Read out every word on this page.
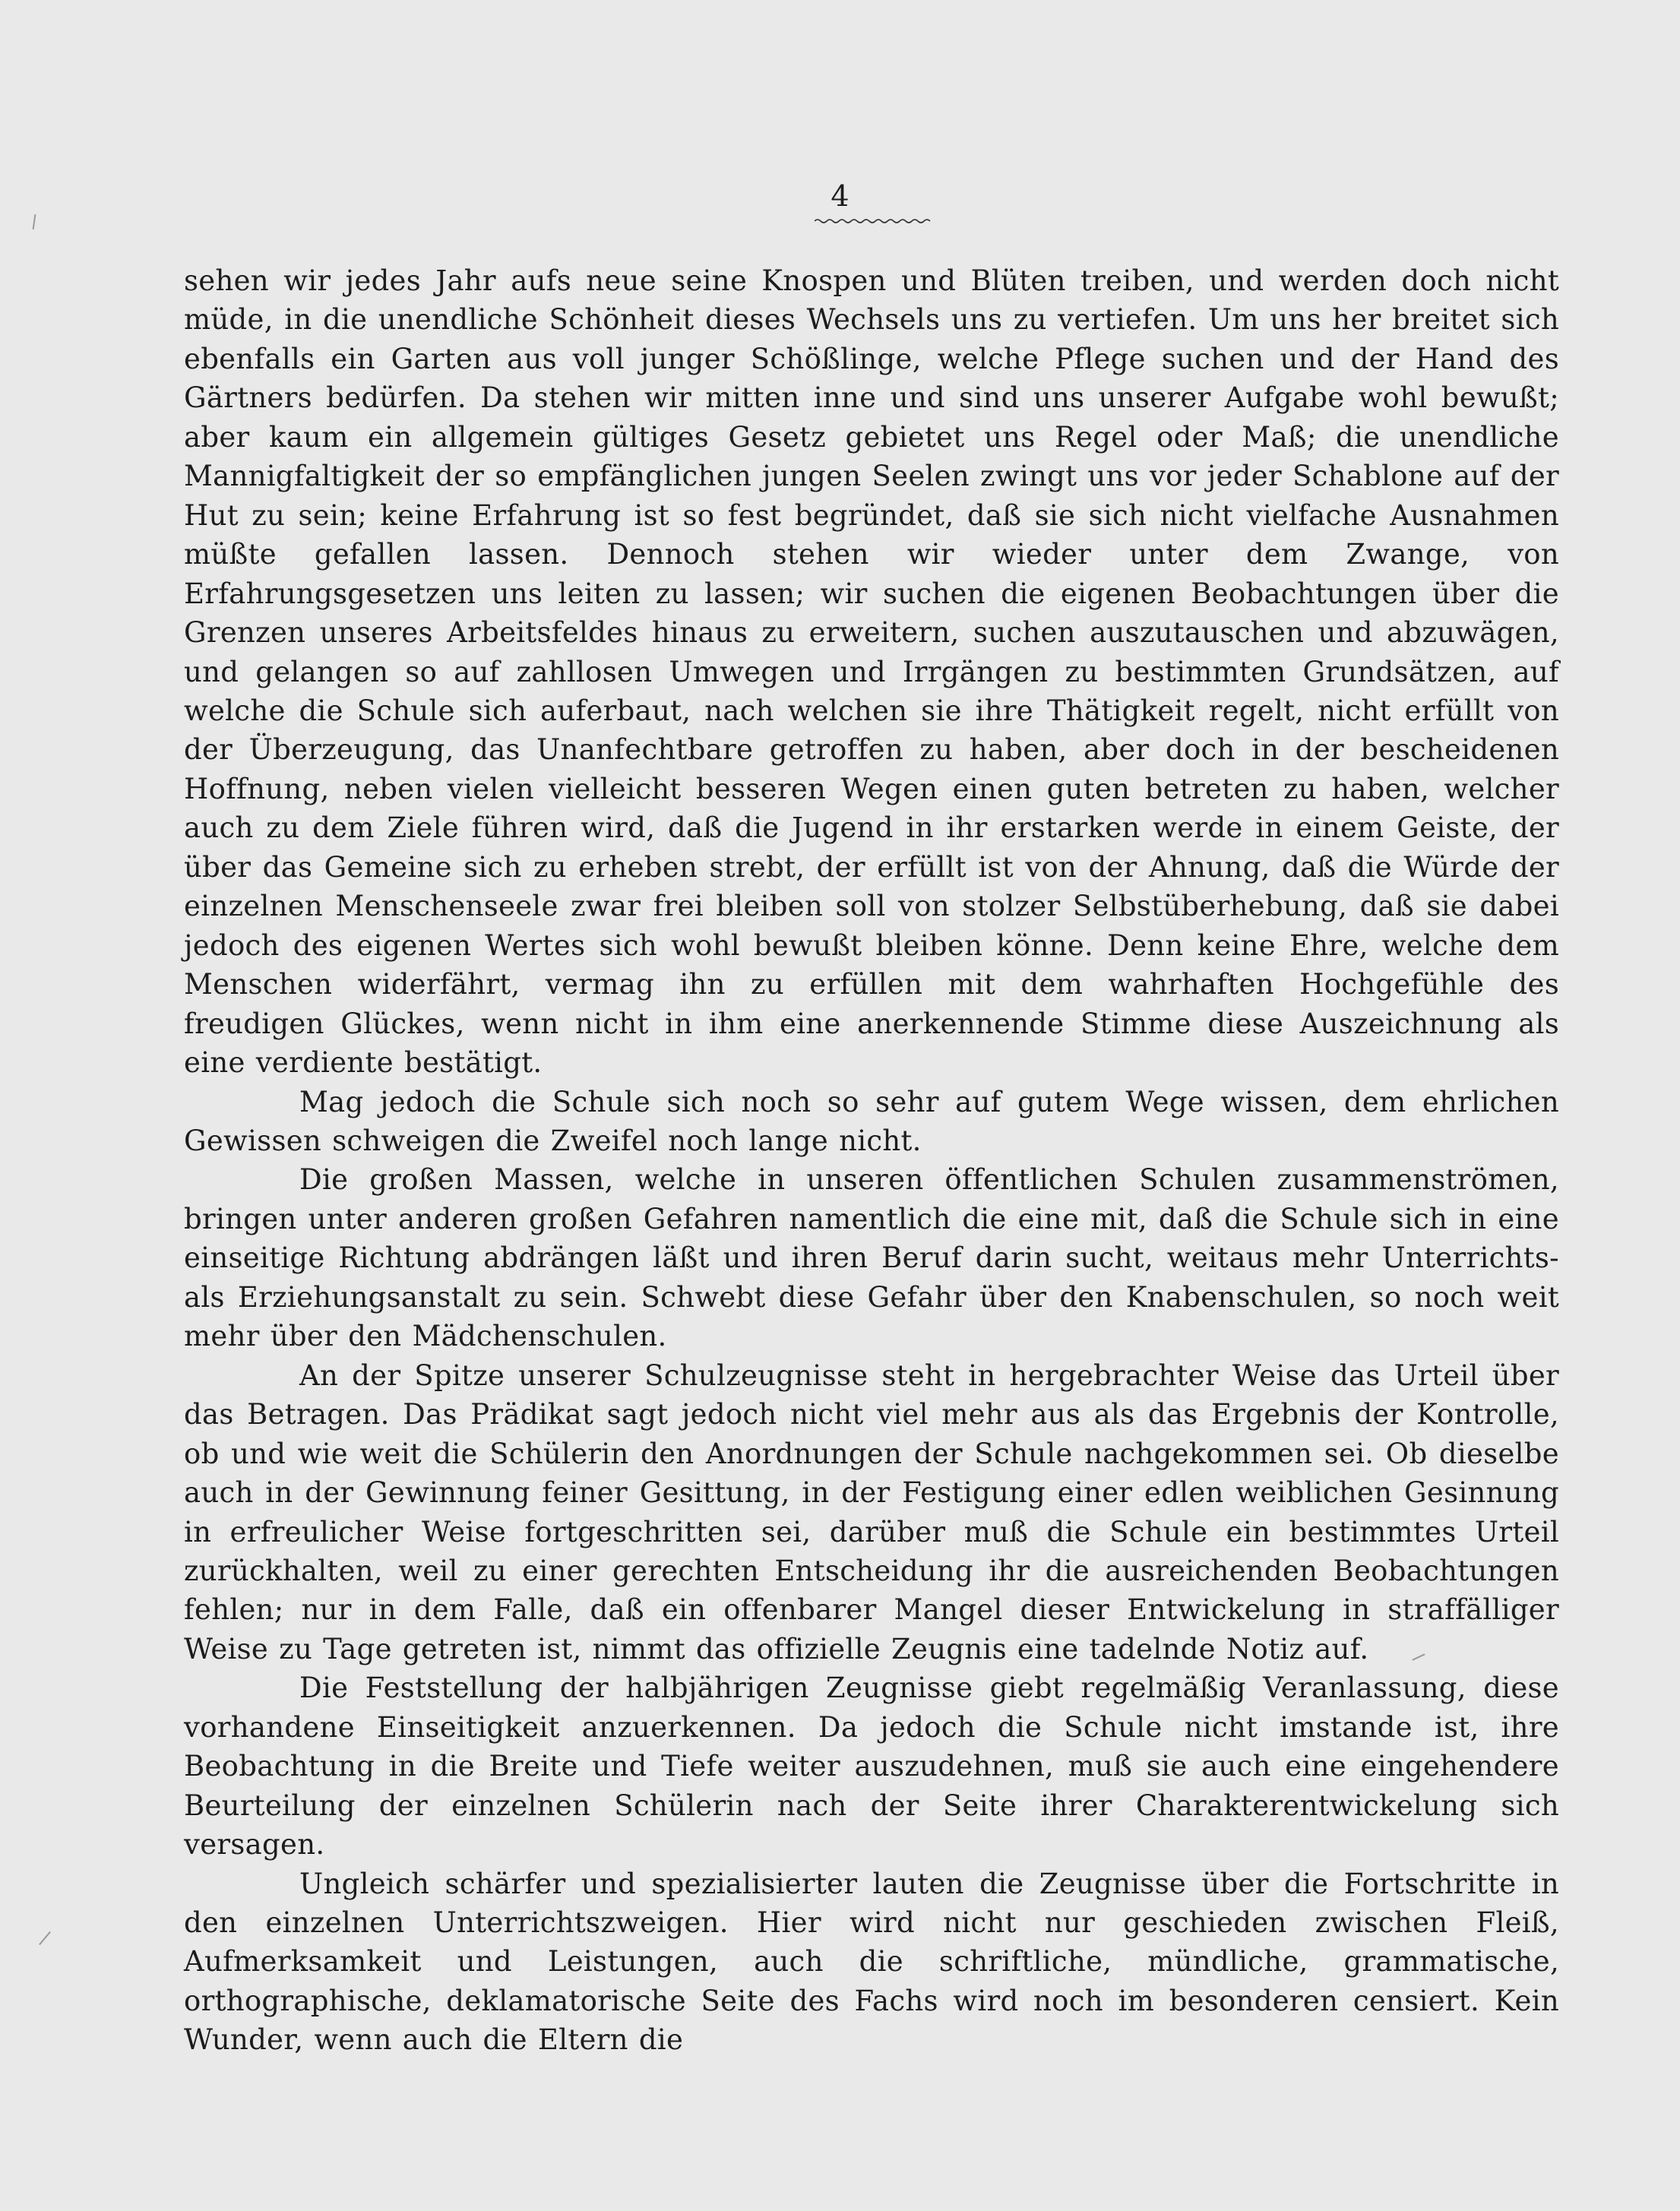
4

sehen wir jedes Jahr aufs neue seine Knospen und Blüten treiben, und werden doch nicht müde, in die unendliche Schönheit dieses Wechsels uns zu vertiefen. Um uns her breitet sich ebenfalls ein Garten aus voll junger Schößlinge, welche Pflege suchen und der Hand des Gärtners bedürfen. Da stehen wir mitten inne und sind uns unserer Aufgabe wohl bewußt; aber kaum ein allgemein gültiges Gesetz gebietet uns Regel oder Maß; die unendliche Mannigfaltigkeit der so empfänglichen jungen Seelen zwingt uns vor jeder Schablone auf der Hut zu sein; keine Erfahrung ist so fest begründet, daß sie sich nicht vielfache Ausnahmen müßte gefallen lassen. Dennoch stehen wir wieder unter dem Zwange, von Erfahrungsgesetzen uns leiten zu lassen; wir suchen die eigenen Beobachtungen über die Grenzen unseres Arbeitsfeldes hinaus zu erweitern, suchen auszutauschen und abzuwägen, und gelangen so auf zahllosen Umwegen und Irrgängen zu bestimmten Grundsätzen, auf welche die Schule sich auferbaut, nach welchen sie ihre Thätigkeit regelt, nicht erfüllt von der Überzeugung, das Unanfechtbare getroffen zu haben, aber doch in der bescheidenen Hoffnung, neben vielen vielleicht besseren Wegen einen guten betreten zu haben, welcher auch zu dem Ziele führen wird, daß die Jugend in ihr erstarken werde in einem Geiste, der über das Gemeine sich zu erheben strebt, der erfüllt ist von der Ahnung, daß die Würde der einzelnen Menschenseele zwar frei bleiben soll von stolzer Selbstüberhebung, daß sie dabei jedoch des eigenen Wertes sich wohl bewußt bleiben könne. Denn keine Ehre, welche dem Menschen widerfährt, vermag ihn zu erfüllen mit dem wahrhaften Hochgefühle des freudigen Glückes, wenn nicht in ihm eine anerkennende Stimme diese Auszeichnung als eine verdiente bestätigt.

Mag jedoch die Schule sich noch so sehr auf gutem Wege wissen, dem ehrlichen Gewissen schweigen die Zweifel noch lange nicht.

Die großen Massen, welche in unseren öffentlichen Schulen zusammenströmen, bringen unter anderen großen Gefahren namentlich die eine mit, daß die Schule sich in eine einseitige Richtung abdrängen läßt und ihren Beruf darin sucht, weitaus mehr Unterrichts- als Erziehungsanstalt zu sein. Schwebt diese Gefahr über den Knabenschulen, so noch weit mehr über den Mädchenschulen.

An der Spitze unserer Schulzeugnisse steht in hergebrachter Weise das Urteil über das Betragen. Das Prädikat sagt jedoch nicht viel mehr aus als das Ergebnis der Kontrolle, ob und wie weit die Schülerin den Anordnungen der Schule nachgekommen sei. Ob dieselbe auch in der Gewinnung feiner Gesittung, in der Festigung einer edlen weiblichen Gesinnung in erfreulicher Weise fortgeschritten sei, darüber muß die Schule ein bestimmtes Urteil zurückhalten, weil zu einer gerechten Entscheidung ihr die ausreichenden Beobachtungen fehlen; nur in dem Falle, daß ein offenbarer Mangel dieser Entwickelung in straffälliger Weise zu Tage getreten ist, nimmt das offizielle Zeugnis eine tadelnde Notiz auf.

Die Feststellung der halbjährigen Zeugnisse giebt regelmäßig Veranlassung, diese vorhandene Einseitigkeit anzuerkennen. Da jedoch die Schule nicht imstande ist, ihre Beobachtung in die Breite und Tiefe weiter auszudehnen, muß sie auch eine eingehendere Beurteilung der einzelnen Schülerin nach der Seite ihrer Charakterentwickelung sich versagen.

Ungleich schärfer und spezialisierter lauten die Zeugnisse über die Fortschritte in den einzelnen Unterrichtszweigen. Hier wird nicht nur geschieden zwischen Fleiß, Aufmerksamkeit und Leistungen, auch die schriftliche, mündliche, grammatische, orthographische, deklamatorische Seite des Fachs wird noch im besonderen censiert. Kein Wunder, wenn auch die Eltern die
